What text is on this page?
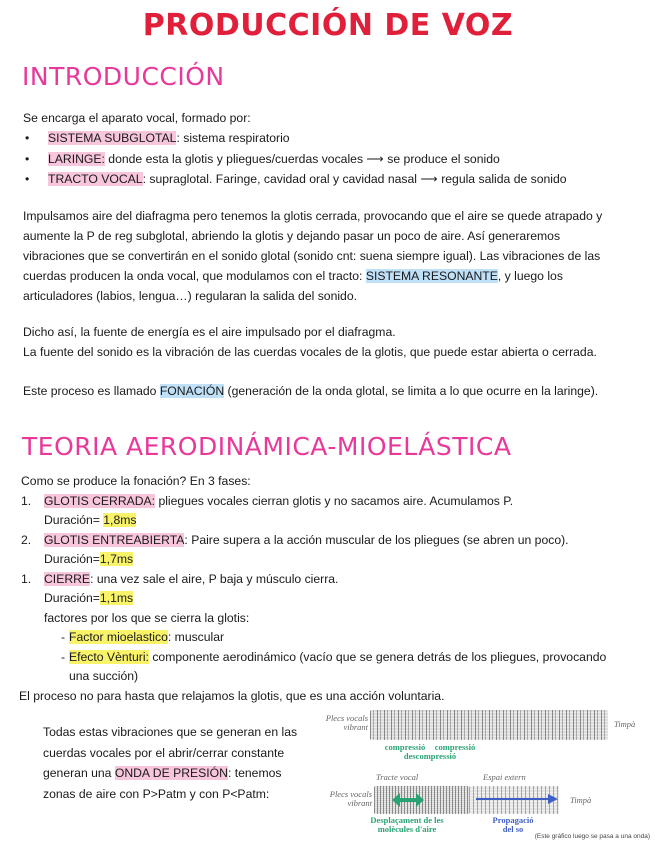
PRODUCCIÓN DE VOZ
INTRODUCCIÓN
Se encarga el aparato vocal, formado por:
• SISTEMA SUBGLOTAL: sistema respiratorio
• LARINGE: donde esta la glotis y pliegues/cuerdas vocales ⟶ se produce el sonido
• TRACTO VOCAL: supraglotal. Faringe, cavidad oral y cavidad nasal ⟶ regula salida de sonido
Impulsamos aire del diafragma pero tenemos la glotis cerrada, provocando que el aire se quede atrapado y
aumente la P de reg subglotal, abriendo la glotis y dejando pasar un poco de aire. Así generaremos
vibraciones que se convertirán en el sonido glotal (sonido cnt: suena siempre igual). Las vibraciones de las
cuerdas producen la onda vocal, que modulamos con el tracto: SISTEMA RESONANTE, y luego los
articuladores (labios, lengua…) regularan la salida del sonido.
Dicho así, la fuente de energía es el aire impulsado por el diafragma.
La fuente del sonido es la vibración de las cuerdas vocales de la glotis, que puede estar abierta o cerrada.
Este proceso es llamado FONACIÓN (generación de la onda glotal, se limita a lo que ocurre en la laringe).
TEORIA AERODINÁMICA-MIOELÁSTICA
Como se produce la fonación? En 3 fases:
1. GLOTIS CERRADA: pliegues vocales cierran glotis y no sacamos aire. Acumulamos P.
Duración= 1,8ms
2. GLOTIS ENTREABIERTA: Paire supera a la acción muscular de los pliegues (se abren un poco).
Duración=1,7ms
1. CIERRE: una vez sale el aire, P baja y músculo cierra.
Duración=1,1ms
factores por los que se cierra la glotis:
- Factor mioelastico: muscular
- Efecto Vènturi: componente aerodinámico (vacío que se genera detrás de los pliegues, provocando
una succión)
El proceso no para hasta que relajamos la glotis, que es una acción voluntaria.
Todas estas vibraciones que se generan en las
cuerdas vocales por el abrir/cerrar constante
generan una ONDA DE PRESIÓN: tenemos
zonas de aire con P>Patm y con P<Patm:
Plecs vocals vibrant	Timpà
compressió	compressió
descompressió
Tracte vocal	Espai extern
Plecs vocals vibrant	Timpà
Desplaçament de les molècules d'aire
Propagació del so
(Este gráfico luego se pasa a una onda)
